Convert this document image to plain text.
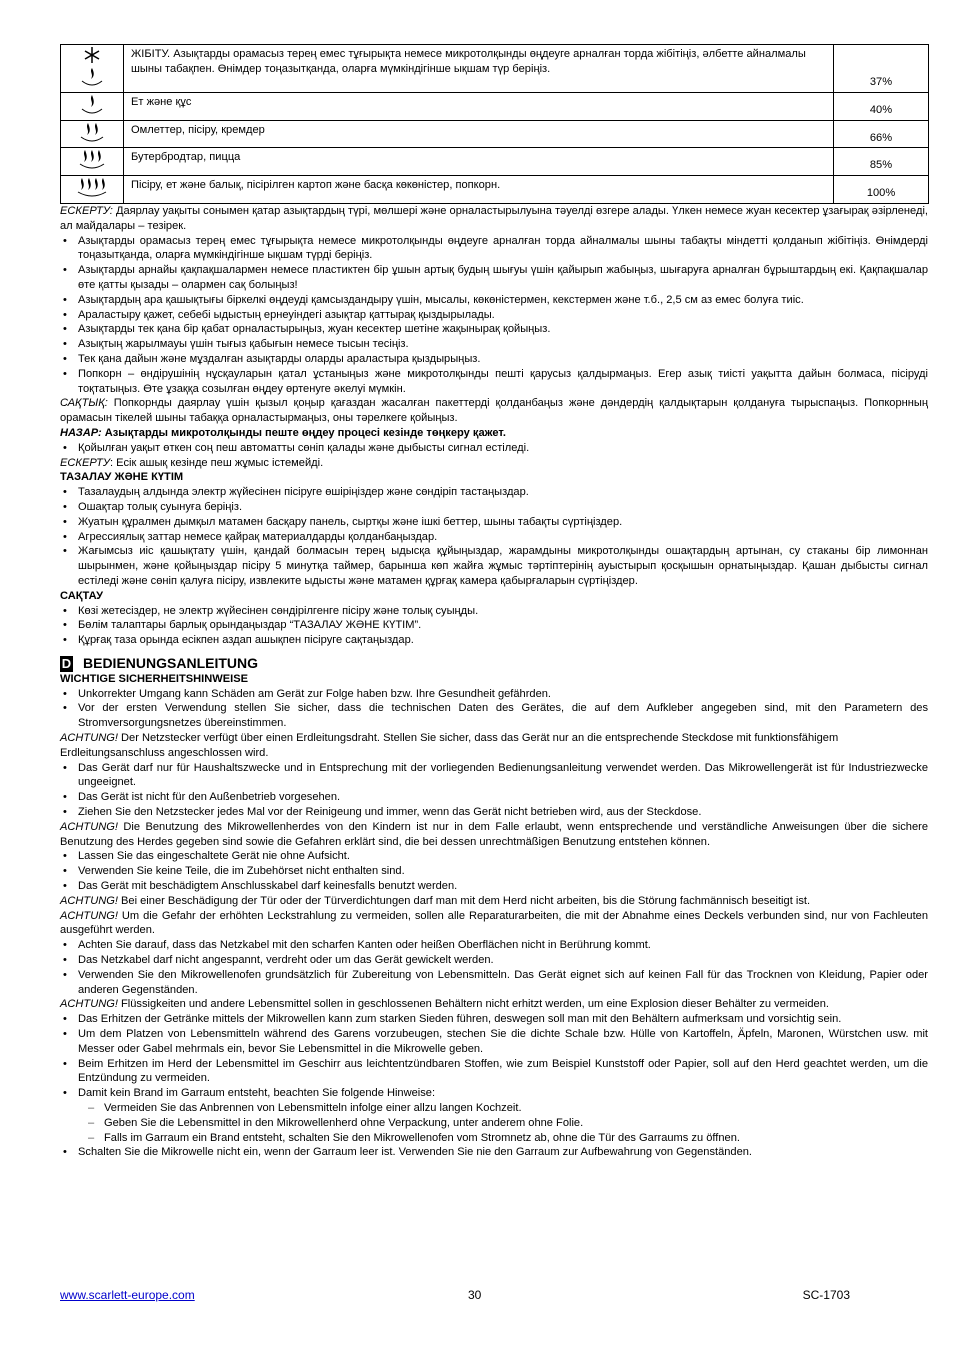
	ЖІБІТУ. Азықтарды орамасыз терең емес тұғырықта немесе микротолқынды өңдеуге арналған торда жібітіңіз, әлбетте айналмалы шыны табақпен. Өнімдер тоңазытқанда, оларға мүмкіндігінше ықшам түр беріңіз.	37%
	Ет және құс	40%
	Омлеттер, пісіру, кремдер	66%
	Бутербродтар, пицца	85%
	Пісіру, ет және балық, пісірілген картоп және басқа көкөністер, попкорн.	100%

ЕСКЕРТУ: Даярлау уақыты сонымен қатар азықтардың түрі, мөлшері және орналастырылуына тәуелді өзгере алады. Үлкен немесе жуан кесектер ұзағырақ әзірленеді, ал майдалары – тезірек.

• Азықтарды орамасыз терең емес тұғырықта немесе микротолқынды өңдеуге арналған торда айналмалы шыны табақты міндетті қолданып жібітіңіз. Өнімдерді тоңазытқанда, оларға мүмкіндігінше ықшам түрді беріңіз.
• Азықтарды арнайы қақпақшалармен немесе пластиктен бір ұшын артық будың шығуы үшін қайырып жабыңыз, шығаруға арналған бұрыштардың екі. Қақпақшалар өте қатты қызады – олармен сақ болыңыз!
• Азықтардың ара қашықтығы біркелкі өңдеуді қамсыздандыру үшін, мысалы, көкөністермен, кекстермен және т.б., 2,5 см аз емес болуға тиіс.
• Араластыру қажет, себебі ыдыстың ернеуіндегі азықтар қаттырақ қыздырылады.
• Азықтарды тек қана бір қабат орналастырыңыз, жуан кесектер шетіне жақынырақ қойыңыз.
• Азықтың жарылмауы үшін тығыз қабығын немесе тысын тесіңіз.
• Тек қана дайын және мұздалған азықтарды оларды араластыра қыздырыңыз.
• Попкорн – өндірушінің нұсқауларын қатал ұстаныңыз және микротолқынды пешті қарусыз қалдырмаңыз. Егер азық тиісті уақытта дайын болмаса, пісіруді тоқтатыңыз. Өте ұзаққа созылған өңдеу өртенуге әкелуі мүмкін.

САҚТЫҚ: Попкорнды даярлау үшін қызыл қоңыр қағаздан жасалған пакеттерді қолданбаңыз және дәндердің қалдықтарын қолдануға тырыспаңыз. Попкорнның орамасын тікелей шыны табаққа орналастырмаңыз, оны тәрелкеге қойыңыз.

НАЗАР: Азықтарды микротолқынды пеште өңдеу процесі кезінде төңкеру қажет.

• Қойылған уақыт өткен соң пеш автоматты сөніп қалады және дыбысты сигнал естіледі.

ЕСКЕРТУ: Есік ашық кезінде пеш жұмыс істемейді.

ТАЗАЛАУ ЖӘНЕ КҮТІМ
• Тазалаудың алдында электр жүйесінен пісіруге өшіріңіздер және сөндіріп тастаңыздар.
• Ошақтар толық суынуға беріңіз.
• Жуатын құралмен дымқыл матамен басқару панель, сыртқы және ішкі беттер, шыны табақты сүртіңіздер.
• Агрессиялық заттар немесе қайрақ материалдарды қолданбаңыздар.
• Жағымсыз иіс қашықтату үшін, қандай болмасын терең ыдысқа құйыңыздар, жарамдыны микротолқынды ошақтардың артынан, су стаканы бір лимоннан шырынмен, және қойыңыздар пісіру 5 минутқа таймер, барынша көп жайға жұмыс тәртіптерінің ауыстырып қосқышын орнатыңыздар. Қашан дыбысты сигнал естіледі және сөніп қалуға пісіру, извлеките ыдысты және матамен құрғақ камера қабырғаларын сүртіңіздер.
САҚТАУ
• Көзі жетесіздер, не электр жүйесінен сөндірілгенге пісіру және толық суыңды.
• Бөлім талаптары барлық орындаңыздар “ТАЗАЛАУ ЖӘНЕ КҮТІМ”.
• Құрғақ таза орында есікпен аздап ашықпен пісіруге сақтаңыздар.
D BEDIENUNGSANLEITUNG
WICHTIGE SICHERHEITSHINWEISE
• Unkorrekter Umgang kann Schäden am Gerät zur Folge haben bzw. Ihre Gesundheit gefährden.
• Vor der ersten Verwendung stellen Sie sicher, dass die technischen Daten des Gerätes, die auf dem Aufkleber angegeben sind, mit den Parametern des Stromversorgungsnetzes übereinstimmen.

ACHTUNG! Der Netzstecker verfügt über einen Erdleitungsdraht. Stellen Sie sicher, dass das Gerät nur an die entsprechende Steckdose mit funktionsfähigem

Erdleitungsanschluss angeschlossen wird.

• Das Gerät darf nur für Haushaltszwecke und in Entsprechung mit der vorliegenden Bedienungsanleitung verwendet werden. Das Mikrowellengerät ist für Industriezwecke ungeeignet.
• Das Gerät ist nicht für den Außenbetrieb vorgesehen.
• Ziehen Sie den Netzstecker jedes Mal vor der Reinigeung und immer, wenn das Gerät nicht betrieben wird, aus der Steckdose.

ACHTUNG! Die Benutzung des Mikrowellenherdes von den Kindern ist nur in dem Falle erlaubt, wenn entsprechende und verständliche Anweisungen über die sichere Benutzung des Herdes gegeben sind sowie die Gefahren erklärt sind, die bei dessen unrechtmäßigen Benutzung entstehen können.

• Lassen Sie das eingeschaltete Gerät nie ohne Aufsicht.
• Verwenden Sie keine Teile, die im Zubehörset nicht enthalten sind.
• Das Gerät mit beschädigtem Anschlusskabel darf keinesfalls benutzt werden.

ACHTUNG! Bei einer Beschädigung der Tür oder der Türverdichtungen darf man mit dem Herd nicht arbeiten, bis die Störung fachmännisch beseitigt ist.

ACHTUNG! Um die Gefahr der erhöhten Leckstrahlung zu vermeiden, sollen alle Reparaturarbeiten, die mit der Abnahme eines Deckels verbunden sind, nur von Fachleuten ausgeführt werden.

• Achten Sie darauf, dass das Netzkabel mit den scharfen Kanten oder heißen Oberflächen nicht in Berührung kommt.
• Das Netzkabel darf nicht angespannt, verdreht oder um das Gerät gewickelt werden.
• Verwenden Sie den Mikrowellenofen grundsätzlich für Zubereitung von Lebensmitteln. Das Gerät eignet sich auf keinen Fall für das Trocknen von Kleidung, Papier oder anderen Gegenständen.

ACHTUNG! Flüssigkeiten und andere Lebensmittel sollen in geschlossenen Behältern nicht erhitzt werden, um eine Explosion dieser Behälter zu vermeiden.

• Das Erhitzen der Getränke mittels der Mikrowellen kann zum starken Sieden führen, deswegen soll man mit den Behältern aufmerksam und vorsichtig sein.
• Um dem Platzen von Lebensmitteln während des Garens vorzubeugen, stechen Sie die dichte Schale bzw. Hülle von Kartoffeln, Äpfeln, Maronen, Würstchen usw. mit Messer oder Gabel mehrmals ein, bevor Sie Lebensmittel in die Mikrowelle geben.
• Beim Erhitzen im Herd der Lebensmittel im Geschirr aus leichtentzündbaren Stoffen, wie zum Beispiel Kunststoff oder Papier, soll auf den Herd geachtet werden, um die Entzündung zu vermeiden.
• Damit kein Brand im Garraum entsteht, beachten Sie folgende Hinweise:
– Vermeiden Sie das Anbrennen von Lebensmitteln infolge einer allzu langen Kochzeit.
– Geben Sie die Lebensmittel in den Mikrowellenherd ohne Verpackung, unter anderem ohne Folie.
– Falls im Garraum ein Brand entsteht, schalten Sie den Mikrowellenofen vom Stromnetz ab, ohne die Tür des Garraums zu öffnen.
• Schalten Sie die Mikrowelle nicht ein, wenn der Garraum leer ist. Verwenden Sie nie den Garraum zur Aufbewahrung von Gegenständen.
www.scarlett-europe.com	30	SC-1703
